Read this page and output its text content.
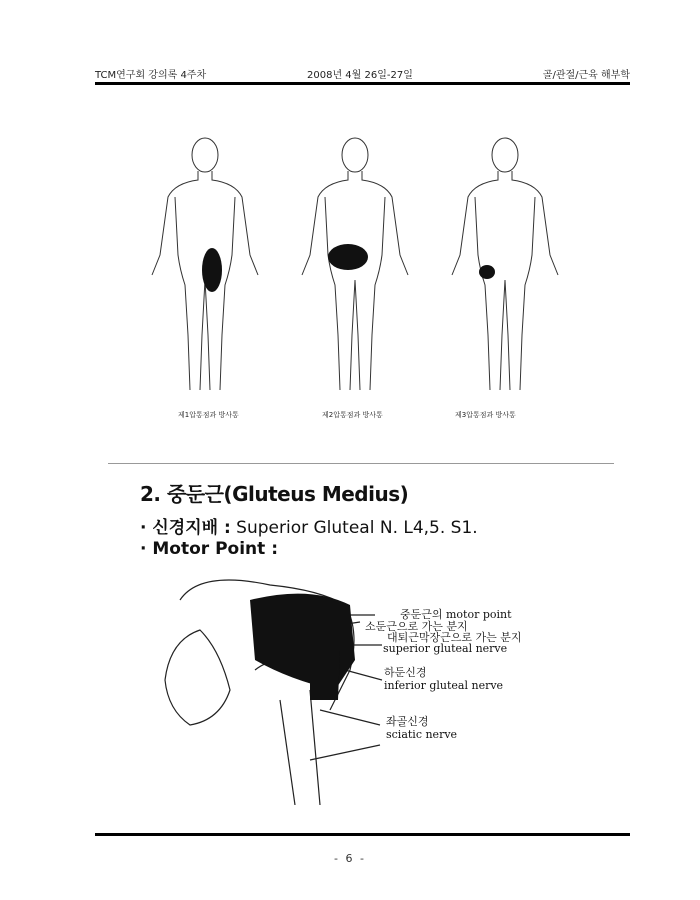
TCM연구회 강의록 4주차	2008년 4월 26일-27일	골/관절/근육 해부학
제1압통점과 방사통	제2압통점과 방사통	제3압통점과 방사통
2. 중둔근(Gluteus Medius)
· 신경지배 : Superior Gluteal N. L4,5. S1.
· Motor Point :
중둔근의 motor point
소둔근으로 가는 분지
대퇴근막장근으로 가는 분지
superior gluteal nerve
하둔신경
inferior gluteal nerve
좌골신경
sciatic nerve
- 6 -
